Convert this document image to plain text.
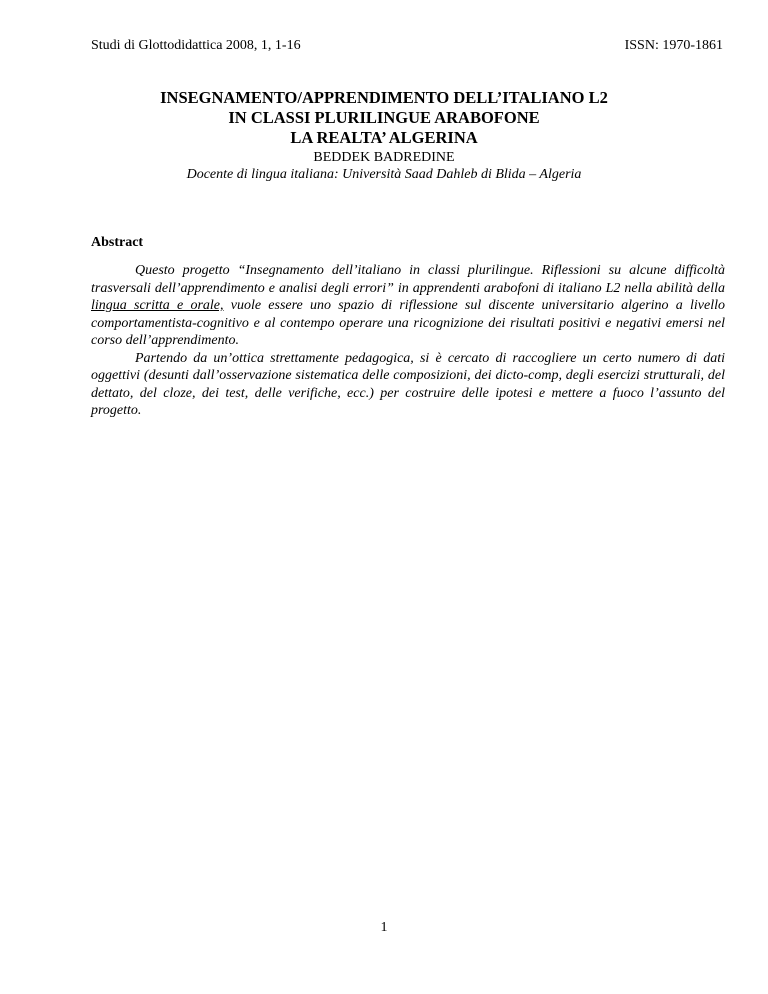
Studi di Glottodidattica 2008, 1, 1-16	ISSN: 1970-1861
INSEGNAMENTO/APPRENDIMENTO DELL’ITALIANO L2
IN CLASSI PLURILINGUE ARABOFONE
LA REALTA’ ALGERINA
BEDDEK BADREDINE
Docente di lingua italiana: Università Saad Dahleb di Blida – Algeria
Abstract

Questo progetto “Insegnamento dell’italiano in classi plurilingue. Riflessioni su alcune difficoltà trasversali dell’apprendimento e analisi degli errori” in apprendenti arabofoni di italiano L2 nella abilità della lingua scritta e orale, vuole essere uno spazio di riflessione sul discente universitario algerino a livello comportamentista-cognitivo e al contempo operare una ricognizione dei risultati positivi e negativi emersi nel corso dell’apprendimento.

Partendo da un’ottica strettamente pedagogica, si è cercato di raccogliere un certo numero di dati oggettivi (desunti dall’osservazione sistematica delle composizioni, dei dicto-comp, degli esercizi strutturali, del dettato, del cloze, dei test, delle verifiche, ecc.) per costruire delle ipotesi e mettere a fuoco l’assunto del progetto.

1
